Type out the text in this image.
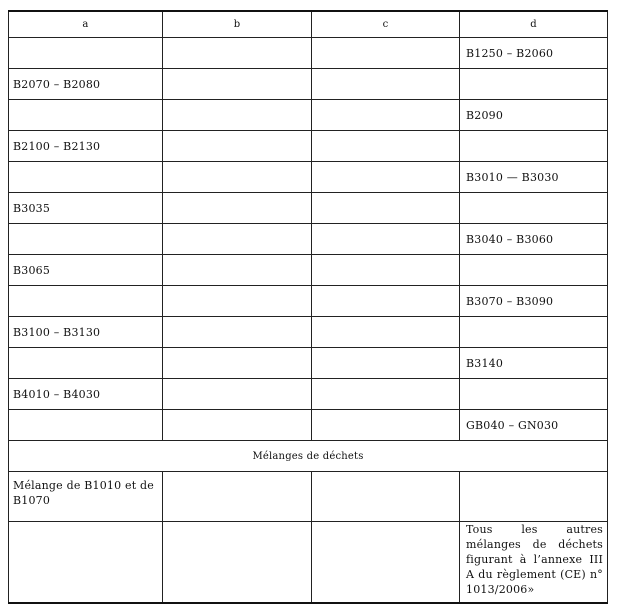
a	b	c	d
			B1250 – B2060
B2070 – B2080			
			B2090
B2100 – B2130			
			B3010 — B3030
B3035			
			B3040 – B3060
B3065			
			B3070 – B3090
B3100 – B3130			
			B3140
B4010 – B4030			
			GB040 – GN030
Mélanges de déchets			
Mélange de B1010 et de B1070			
			Tous les autres mélanges de déchets figurant à l’annexe III A du règlement (CE) n° 1013/2006»
